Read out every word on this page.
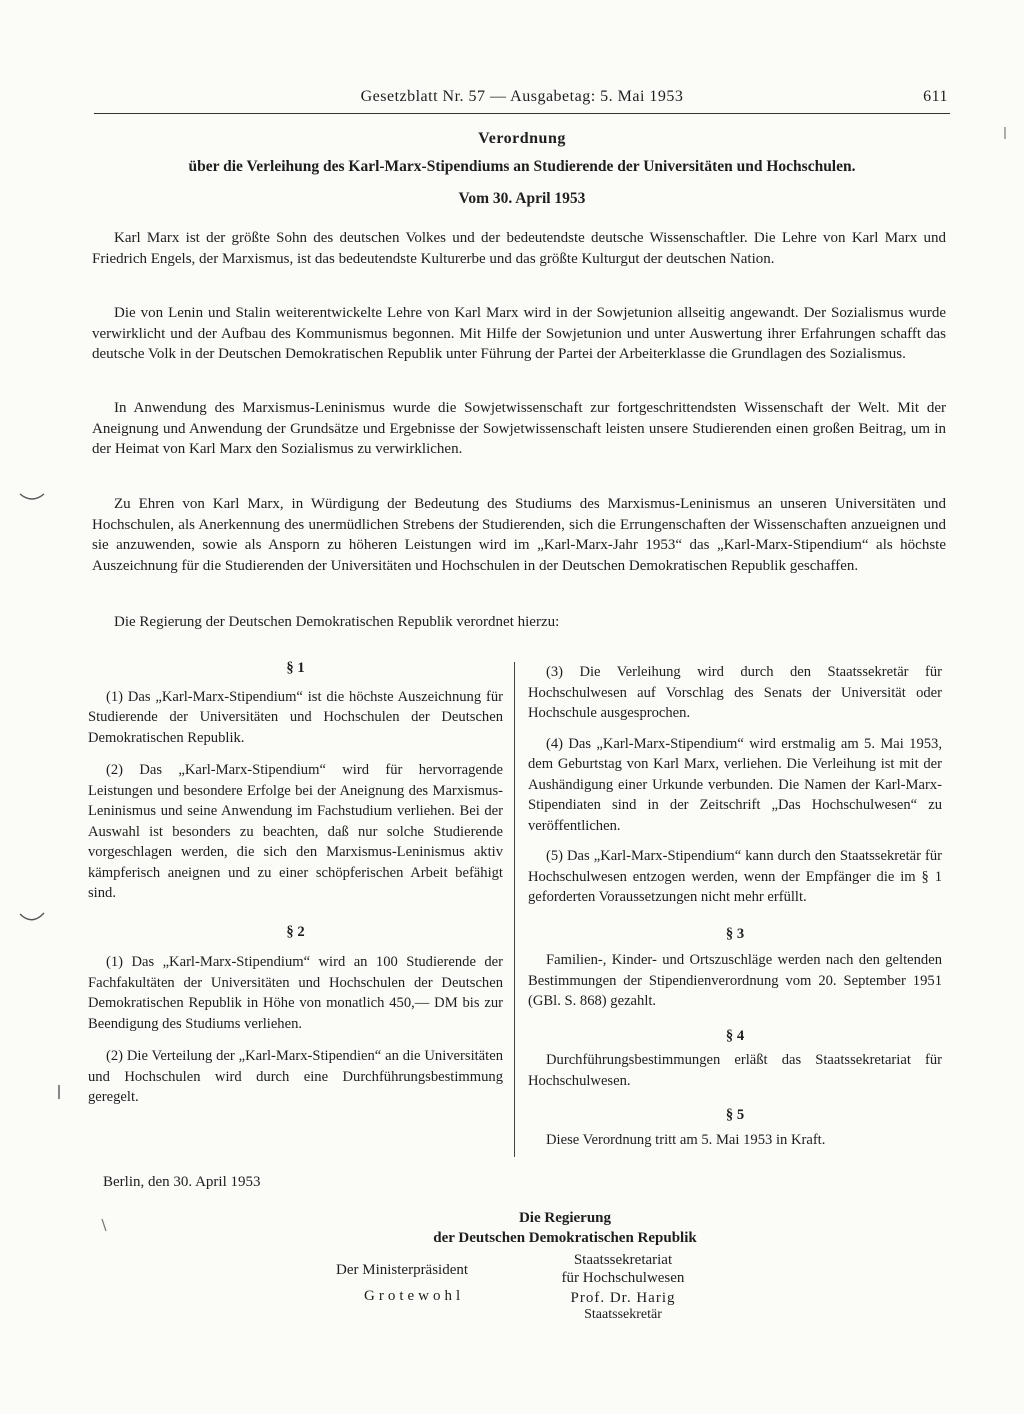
Gesetzblatt Nr. 57 — Ausgabetag: 5. Mai 1953	611
Verordnung
über die Verleihung des Karl-Marx-Stipendiums an Studierende der Universitäten und Hochschulen.
Vom 30. April 1953

Karl Marx ist der größte Sohn des deutschen Volkes und der bedeutendste deutsche Wissenschaftler. Die Lehre von Karl Marx und Friedrich Engels, der Marxismus, ist das bedeutendste Kulturerbe und das größte Kulturgut der deutschen Nation.

Die von Lenin und Stalin weiterentwickelte Lehre von Karl Marx wird in der Sowjetunion allseitig angewandt. Der Sozialismus wurde verwirklicht und der Aufbau des Kommunismus begonnen. Mit Hilfe der Sowjetunion und unter Auswertung ihrer Erfahrungen schafft das deutsche Volk in der Deutschen Demokratischen Republik unter Führung der Partei der Arbeiterklasse die Grundlagen des Sozialismus.

In Anwendung des Marxismus-Leninismus wurde die Sowjetwissenschaft zur fortgeschrittendsten Wissenschaft der Welt. Mit der Aneignung und Anwendung der Grundsätze und Ergebnisse der Sowjetwissenschaft leisten unsere Studierenden einen großen Beitrag, um in der Heimat von Karl Marx den Sozialismus zu verwirklichen.

Zu Ehren von Karl Marx, in Würdigung der Bedeutung des Studiums des Marxismus-Leninismus an unseren Universitäten und Hochschulen, als Anerkennung des unermüdlichen Strebens der Studierenden, sich die Errungenschaften der Wissenschaften anzueignen und sie anzuwenden, sowie als Ansporn zu höheren Leistungen wird im „Karl-Marx-Jahr 1953“ das „Karl-Marx-Stipendium“ als höchste Auszeichnung für die Studierenden der Universitäten und Hochschulen in der Deutschen Demokratischen Republik geschaffen.

Die Regierung der Deutschen Demokratischen Republik verordnet hierzu:

§ 1

(1) Das „Karl-Marx-Stipendium“ ist die höchste Auszeichnung für Studierende der Universitäten und Hochschulen der Deutschen Demokratischen Republik.

(2) Das „Karl-Marx-Stipendium“ wird für hervorragende Leistungen und besondere Erfolge bei der Aneignung des Marxismus-Leninismus und seine Anwendung im Fachstudium verliehen. Bei der Auswahl ist besonders zu beachten, daß nur solche Studierende vorgeschlagen werden, die sich den Marxismus-Leninismus aktiv kämpferisch aneignen und zu einer schöpferischen Arbeit befähigt sind.

§ 2

(1) Das „Karl-Marx-Stipendium“ wird an 100 Studierende der Fachfakultäten der Universitäten und Hochschulen der Deutschen Demokratischen Republik in Höhe von monatlich 450,— DM bis zur Beendigung des Studiums verliehen.

(2) Die Verteilung der „Karl-Marx-Stipendien“ an die Universitäten und Hochschulen wird durch eine Durchführungsbestimmung geregelt.

(3) Die Verleihung wird durch den Staatssekretär für Hochschulwesen auf Vorschlag des Senats der Universität oder Hochschule ausgesprochen.

(4) Das „Karl-Marx-Stipendium“ wird erstmalig am 5. Mai 1953, dem Geburtstag von Karl Marx, verliehen. Die Verleihung ist mit der Aushändigung einer Urkunde verbunden. Die Namen der Karl-Marx-Stipendiaten sind in der Zeitschrift „Das Hochschulwesen“ zu veröffentlichen.

(5) Das „Karl-Marx-Stipendium“ kann durch den Staatssekretär für Hochschulwesen entzogen werden, wenn der Empfänger die im § 1 geforderten Voraussetzungen nicht mehr erfüllt.

§ 3

Familien-, Kinder- und Ortszuschläge werden nach den geltenden Bestimmungen der Stipendienverordnung vom 20. September 1951 (GBl. S. 868) gezahlt.

§ 4

Durchführungsbestimmungen erläßt das Staatssekretariat für Hochschulwesen.

§ 5

Diese Verordnung tritt am 5. Mai 1953 in Kraft.

Berlin, den 30. April 1953
Die Regierung
der Deutschen Demokratischen Republik
Der Ministerpräsident
Grotewohl
Staatssekretariat
für Hochschulwesen
Prof. Dr. Harig
Staatssekretär
